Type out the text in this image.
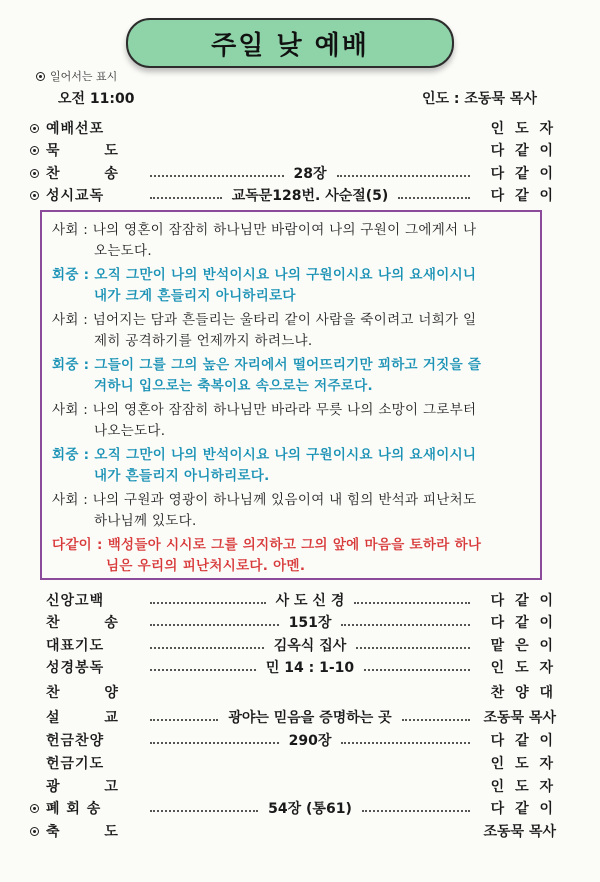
주일 낮 예배
일어서는 표시
오전 11:00	인도 : 조동묵 목사
예배선포	인 도 자
묵 도	다 같 이
찬 송	28장	다 같 이
성시교독	교독문128번. 사순절(5)	다 같 이
사회 : 나의 영혼이 잠잠히 하나님만 바람이여 나의 구원이 그에게서 나
오는도다.
회중 : 오직 그만이 나의 반석이시요 나의 구원이시요 나의 요새이시니
내가 크게 흔들리지 아니하리로다
사회 : 넘어지는 담과 흔들리는 울타리 같이 사람을 죽이려고 너희가 일
제히 공격하기를 언제까지 하려느냐.
회중 : 그들이 그를 그의 높은 자리에서 떨어뜨리기만 꾀하고 거짓을 즐
겨하니 입으로는 축복이요 속으로는 저주로다.
사회 : 나의 영혼아 잠잠히 하나님만 바라라 무릇 나의 소망이 그로부터
나오는도다.
회중 : 오직 그만이 나의 반석이시요 나의 구원이시요 나의 요새이시니
내가 흔들리지 아니하리로다.
사회 : 나의 구원과 영광이 하나님께 있음이여 내 힘의 반석과 피난처도
하나님께 있도다.
다같이 : 백성들아 시시로 그를 의지하고 그의 앞에 마음을 토하라 하나
님은 우리의 피난처시로다. 아멘.
신앙고백	사 도 신 경	다 같 이
찬 송	151장	다 같 이
대표기도	김옥식 집사	맡 은 이
성경봉독	민 14 : 1-10	인 도 자
찬 양	찬 양 대
설 교	광야는 믿음을 증명하는 곳	조동묵 목사
헌금찬양	290장	다 같 이
헌금기도	인 도 자
광 고	인 도 자
폐 회 송	54장 (통61)	다 같 이
축 도	조동묵 목사
